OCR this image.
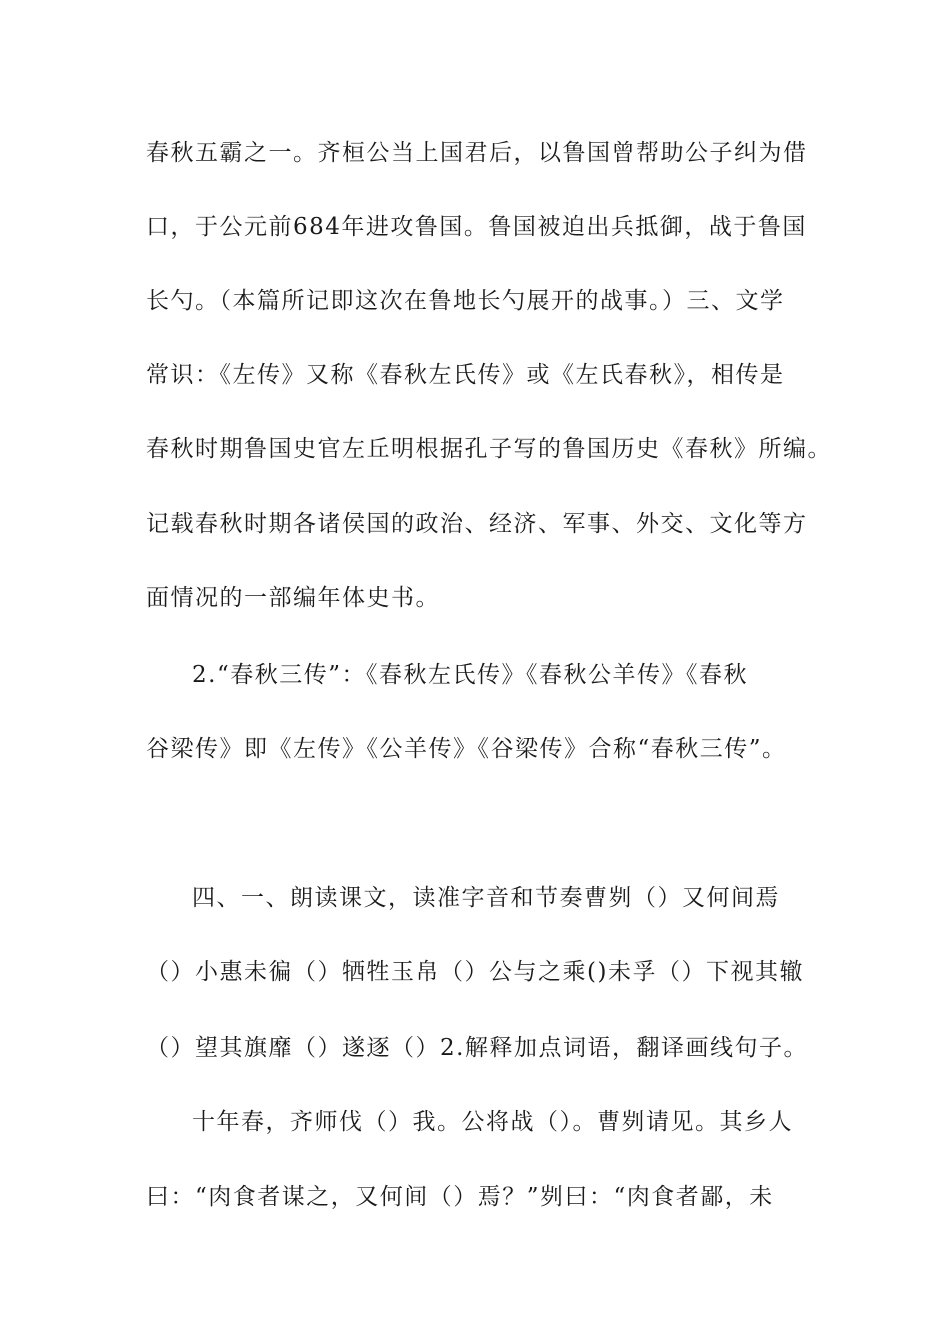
春秋五霸之一。齐桓公当上国君后，以鲁国曾帮助公子纠为借
口，于公元前684年进攻鲁国。鲁国被迫出兵抵御，战于鲁国
长勺。（本篇所记即这次在鲁地长勺展开的战事。）三、文学
常识：《左传》又称《春秋左氏传》或《左氏春秋》，相传是
春秋时期鲁国史官左丘明根据孔子写的鲁国历史《春秋》所编。
记载春秋时期各诸侯国的政治、经济、军事、外交、文化等方
面情况的一部编年体史书。
2.“春秋三传”：《春秋左氏传》《春秋公羊传》《春秋
谷梁传》即《左传》《公羊传》《谷梁传》合称“春秋三传”。
四、一、朗读课文，读准字音和节奏曹刿（）又何间焉
（）小惠未徧（）牺牲玉帛（）公与之乘()未孚（）下视其辙
（）望其旗靡（）遂逐（）2.解释加点词语，翻译画线句子。
十年春，齐师伐（）我。公将战（）。曹刿请见。其乡人
曰：“肉食者谋之，又何间（）焉？”刿曰：“肉食者鄙，未
